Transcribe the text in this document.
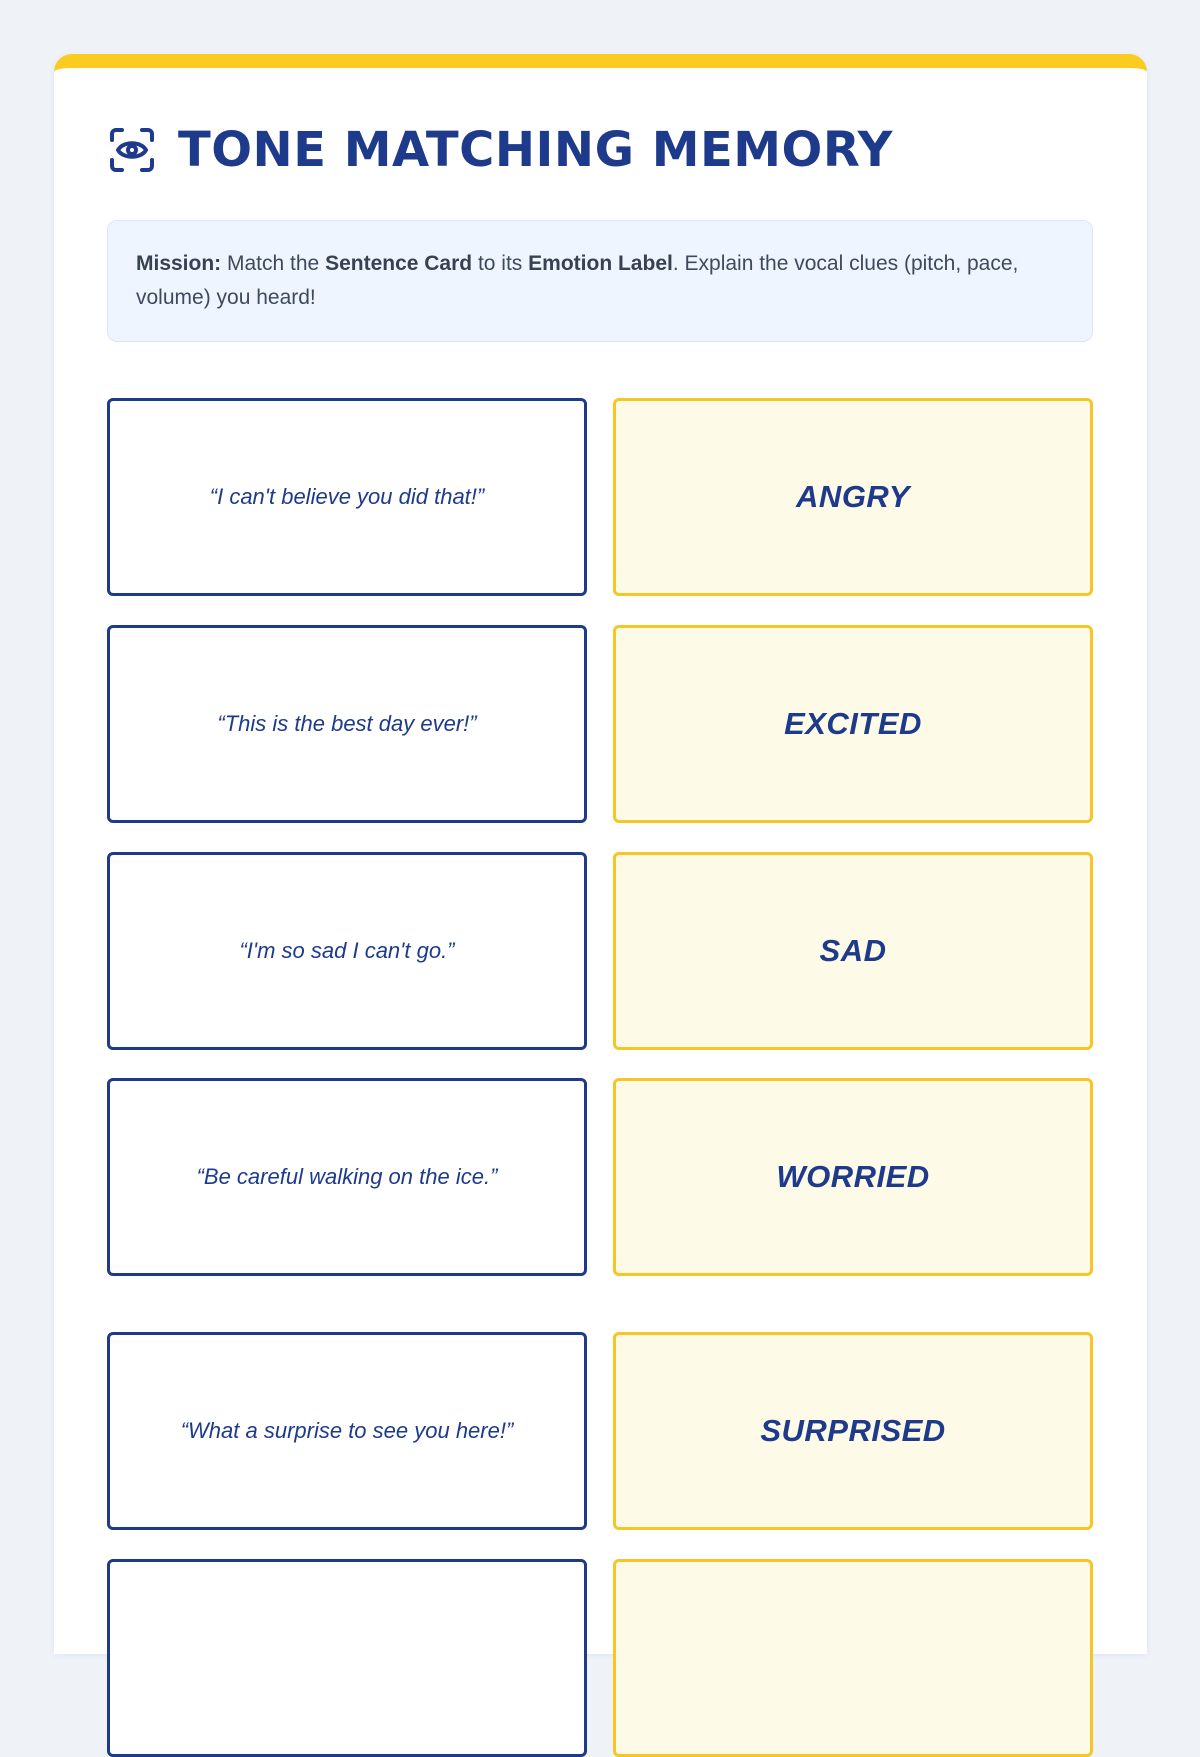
TONE MATCHING MEMORY
Mission: Match the Sentence Card to its Emotion Label. Explain the vocal clues (pitch, pace, volume) you heard!
“I can't believe you did that!”	ANGRY
“This is the best day ever!”	EXCITED
“I'm so sad I can't go.”	SAD
“Be careful walking on the ice.”	WORRIED
“What a surprise to see you here!”	SURPRISED
